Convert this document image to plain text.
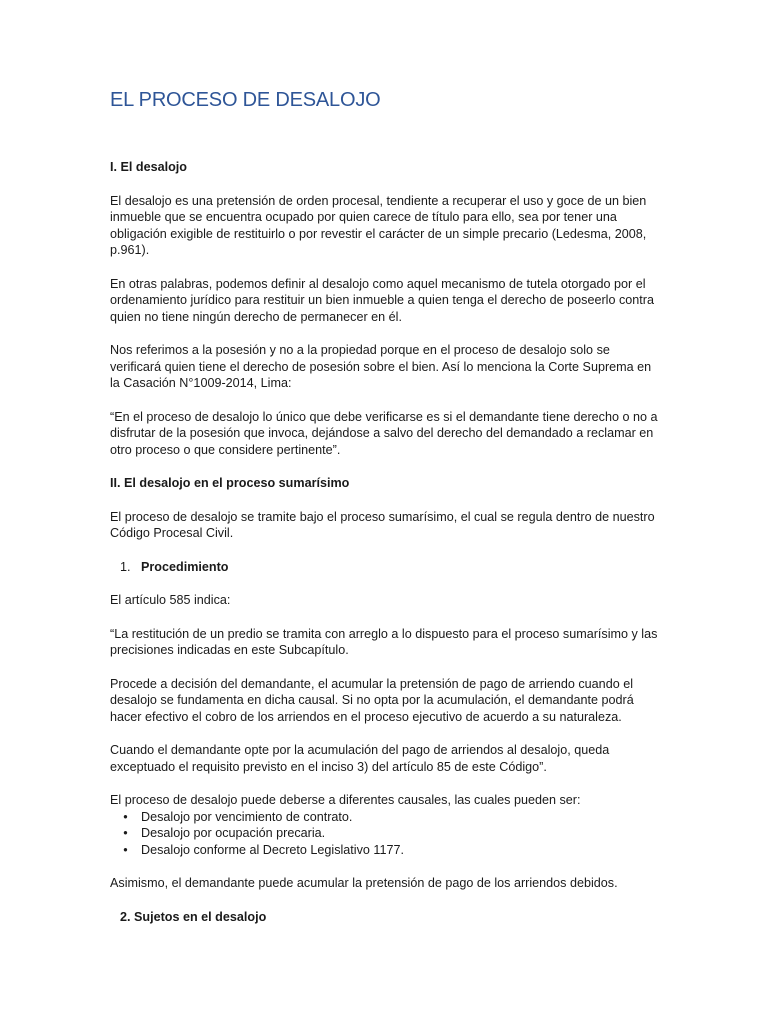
EL PROCESO DE DESALOJO

I. El desalojo

El desalojo es una pretensión de orden procesal, tendiente a recuperar el uso y goce de un bien inmueble que se encuentra ocupado por quien carece de título para ello, sea por tener una obligación exigible de restituirlo o por revestir el carácter de un simple precario (Ledesma, 2008, p.961).

En otras palabras, podemos definir al desalojo como aquel mecanismo de tutela otorgado por el ordenamiento jurídico para restituir un bien inmueble a quien tenga el derecho de poseerlo contra quien no tiene ningún derecho de permanecer en él.

Nos referimos a la posesión y no a la propiedad porque en el proceso de desalojo solo se verificará quien tiene el derecho de posesión sobre el bien. Así lo menciona la Corte Suprema en la Casación N°1009-2014, Lima:

“En el proceso de desalojo lo único que debe verificarse es si el demandante tiene derecho o no a disfrutar de la posesión que invoca, dejándose a salvo del derecho del demandado a reclamar en otro proceso o que considere pertinente”.

II. El desalojo en el proceso sumarísimo

El proceso de desalojo se tramite bajo el proceso sumarísimo, el cual se regula dentro de nuestro Código Procesal Civil.

1. Procedimiento

El artículo 585 indica:

“La restitución de un predio se tramita con arreglo a lo dispuesto para el proceso sumarísimo y las precisiones indicadas en este Subcapítulo.

Procede a decisión del demandante, el acumular la pretensión de pago de arriendo cuando el desalojo se fundamenta en dicha causal. Si no opta por la acumulación, el demandante podrá hacer efectivo el cobro de los arriendos en el proceso ejecutivo de acuerdo a su naturaleza.

Cuando el demandante opte por la acumulación del pago de arriendos al desalojo, queda exceptuado el requisito previsto en el inciso 3) del artículo 85 de este Código”.

El proceso de desalojo puede deberse a diferentes causales, las cuales pueden ser:

•	Desalojo por vencimiento de contrato.
•	Desalojo por ocupación precaria.
•	Desalojo conforme al Decreto Legislativo 1177.

Asimismo, el demandante puede acumular la pretensión de pago de los arriendos debidos.

2. Sujetos en el desalojo
